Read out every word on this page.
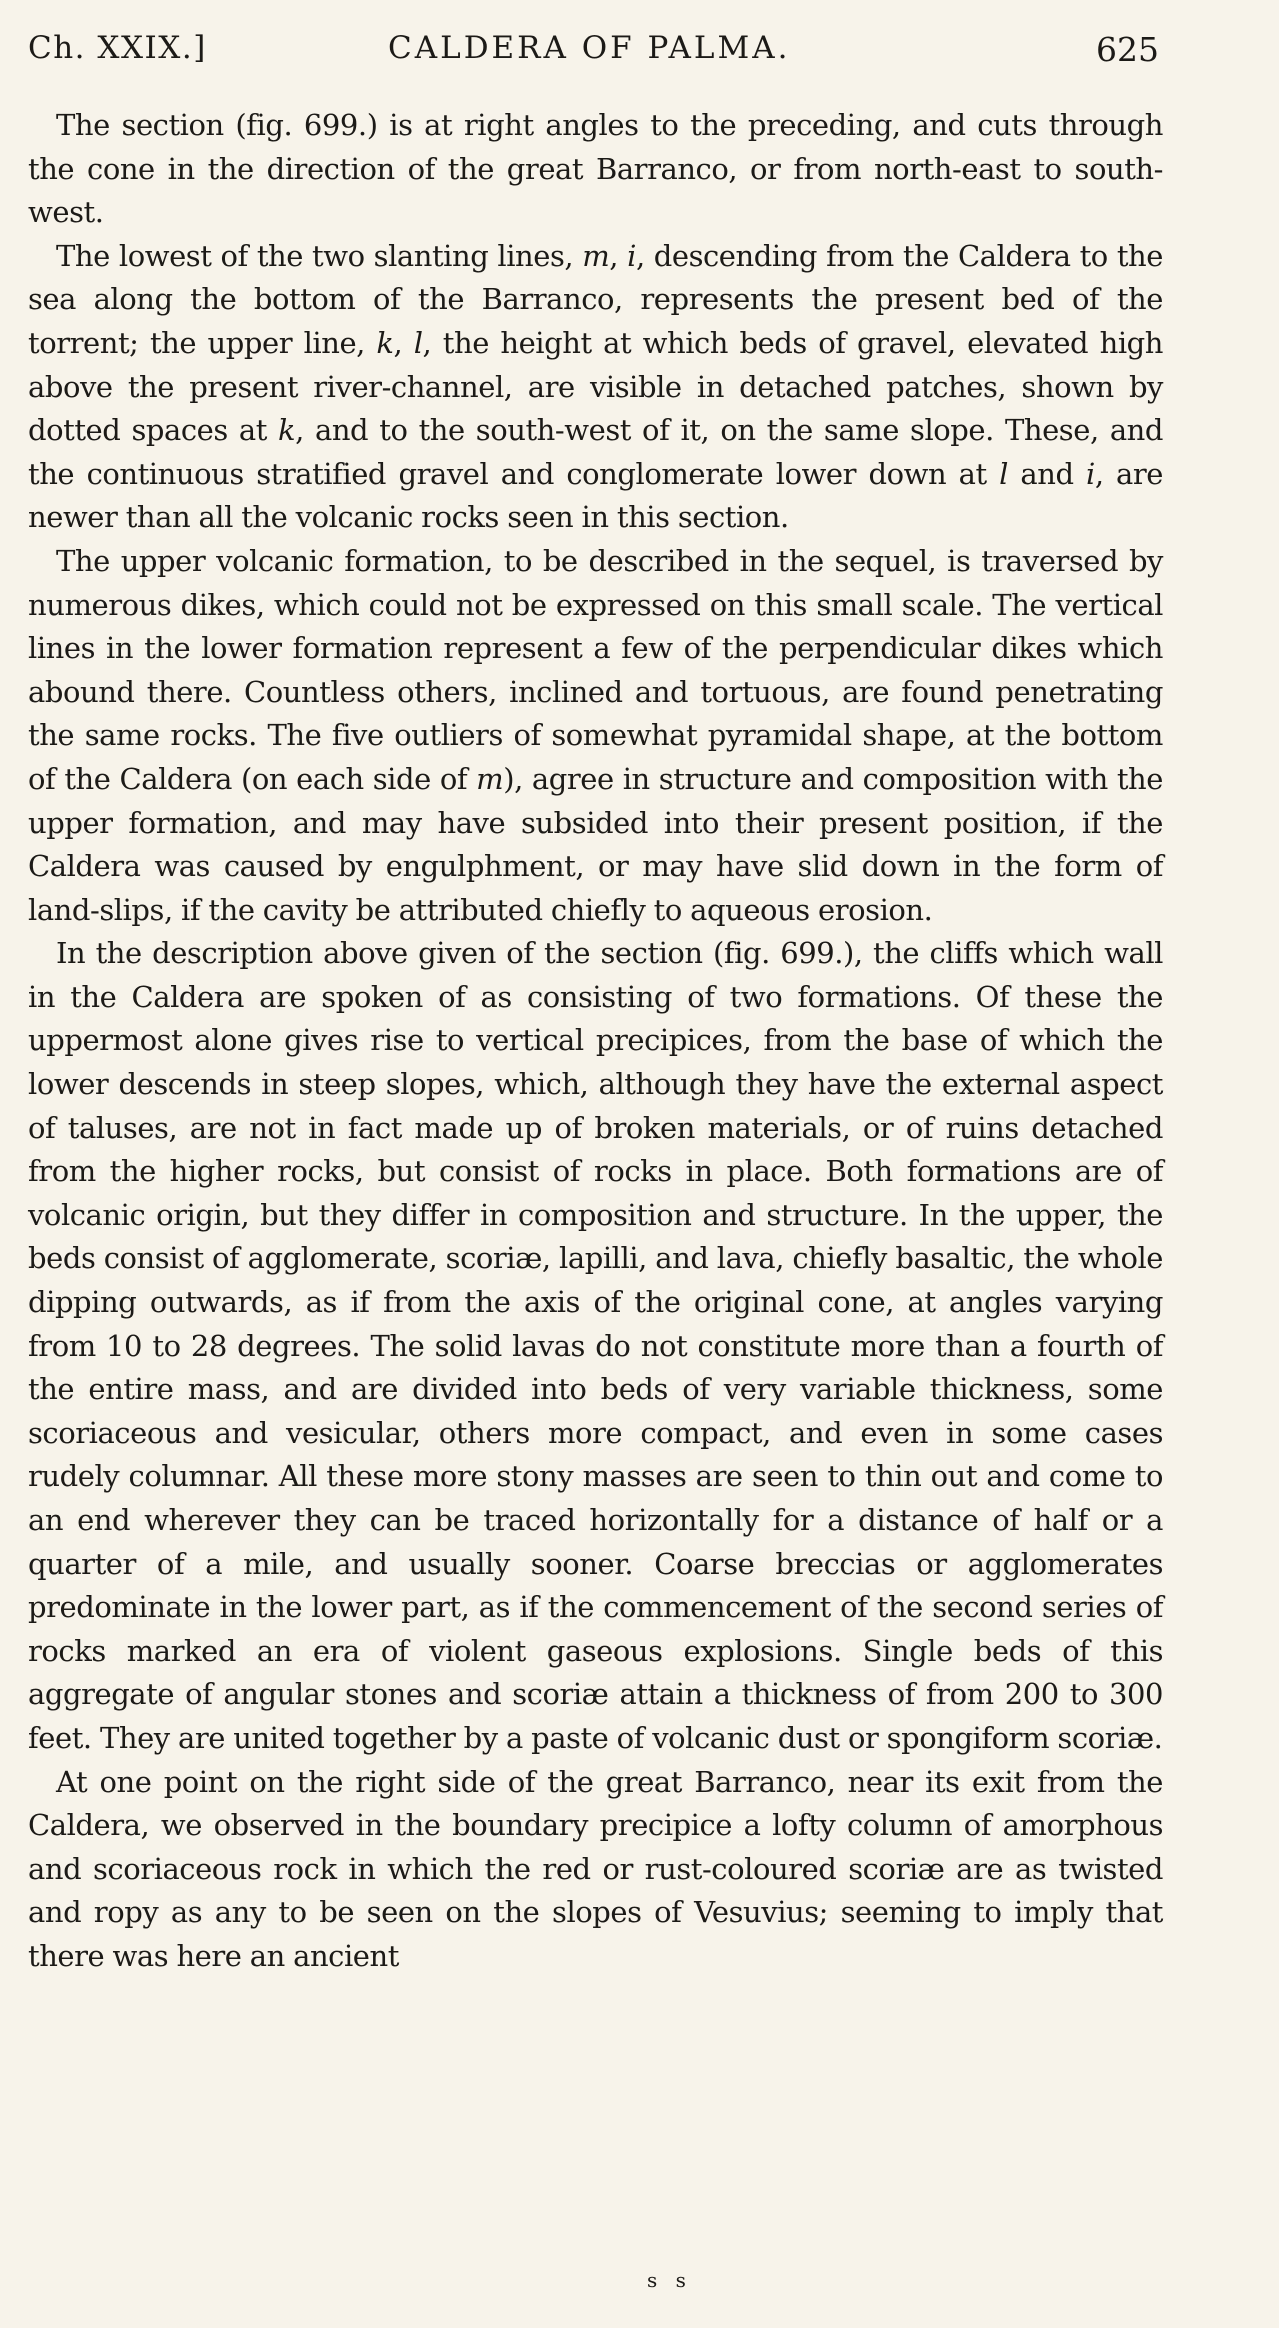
Ch. XXIX.]	CALDERA OF PALMA.	625

The section (fig. 699.) is at right angles to the preceding, and cuts through the cone in the direction of the great Barranco, or from north-east to south-west.

The lowest of the two slanting lines, m, i, descending from the Caldera to the sea along the bottom of the Barranco, represents the present bed of the torrent; the upper line, k, l, the height at which beds of gravel, elevated high above the present river-channel, are visible in detached patches, shown by dotted spaces at k, and to the south-west of it, on the same slope. These, and the continuous stratified gravel and conglomerate lower down at l and i, are newer than all the volcanic rocks seen in this section.

The upper volcanic formation, to be described in the sequel, is traversed by numerous dikes, which could not be expressed on this small scale. The vertical lines in the lower formation represent a few of the perpendicular dikes which abound there. Countless others, inclined and tortuous, are found penetrating the same rocks. The five outliers of somewhat pyramidal shape, at the bottom of the Caldera (on each side of m), agree in structure and composition with the upper formation, and may have subsided into their present position, if the Caldera was caused by engulphment, or may have slid down in the form of land-slips, if the cavity be attributed chiefly to aqueous erosion.

In the description above given of the section (fig. 699.), the cliffs which wall in the Caldera are spoken of as consisting of two formations. Of these the uppermost alone gives rise to vertical precipices, from the base of which the lower descends in steep slopes, which, although they have the external aspect of taluses, are not in fact made up of broken materials, or of ruins detached from the higher rocks, but consist of rocks in place. Both formations are of volcanic origin, but they differ in composition and structure. In the upper, the beds consist of agglomerate, scoriæ, lapilli, and lava, chiefly basaltic, the whole dipping outwards, as if from the axis of the original cone, at angles varying from 10 to 28 degrees. The solid lavas do not constitute more than a fourth of the entire mass, and are divided into beds of very variable thickness, some scoriaceous and vesicular, others more compact, and even in some cases rudely columnar. All these more stony masses are seen to thin out and come to an end wherever they can be traced horizontally for a distance of half or a quarter of a mile, and usually sooner. Coarse breccias or agglomerates predominate in the lower part, as if the commencement of the second series of rocks marked an era of violent gaseous explosions. Single beds of this aggregate of angular stones and scoriæ attain a thickness of from 200 to 300 feet. They are united together by a paste of volcanic dust or spongiform scoriæ.

At one point on the right side of the great Barranco, near its exit from the Caldera, we observed in the boundary precipice a lofty column of amorphous and scoriaceous rock in which the red or rust-coloured scoriæ are as twisted and ropy as any to be seen on the slopes of Vesuvius; seeming to imply that there was here an ancient

s s
